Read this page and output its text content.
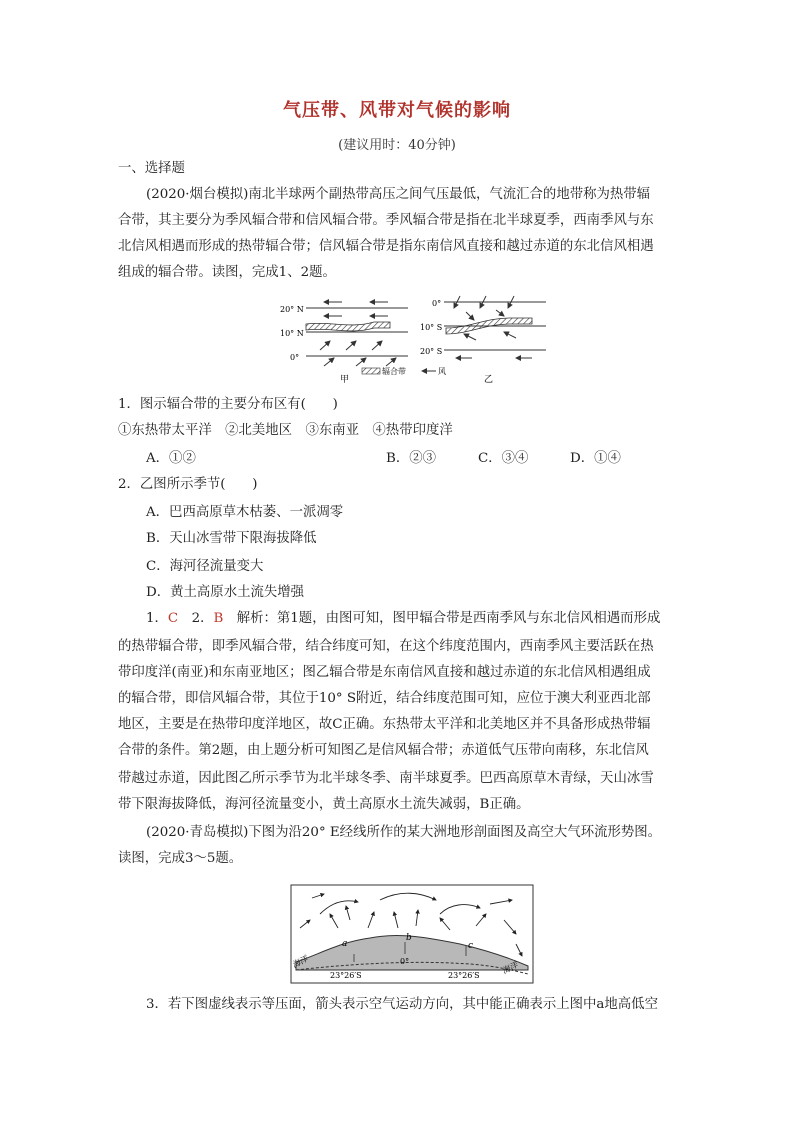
气压带、风带对气候的影响
(建议用时：40分钟)
一、选择题
(2020·烟台模拟)南北半球两个副热带高压之间气压最低，气流汇合的地带称为热带辐
合带，其主要分为季风辐合带和信风辐合带。季风辐合带是指在北半球夏季，西南季风与东
北信风相遇而形成的热带辐合带；信风辐合带是指东南信风直接和越过赤道的东北信风相遇
组成的辐合带。读图，完成1、2题。
20° N
10° N
0°
甲
辐合带	风
0°
10° S
20° S
乙
1．图示辐合带的主要分布区有(　　)
①东热带太平洋　②北美地区　③东南亚　④热带印度洋
A．①②	B．②③	C．③④	D．①④
2．乙图所示季节(　　)
A．巴西高原草木枯萎、一派凋零
B．天山冰雪带下限海拔降低
C．海河径流量变大
D．黄土高原水土流失增强
1．C　 2．B　解析：第1题，由图可知，图甲辐合带是西南季风与东北信风相遇而形成
的热带辐合带，即季风辐合带，结合纬度可知，在这个纬度范围内，西南季风主要活跃在热
带印度洋(南亚)和东南亚地区；图乙辐合带是东南信风直接和越过赤道的东北信风相遇组成
的辐合带，即信风辐合带，其位于10° S附近，结合纬度范围可知，应位于澳大利亚西北部
地区，主要是在热带印度洋地区，故C正确。东热带太平洋和北美地区并不具备形成热带辐
合带的条件。第2题，由上题分析可知图乙是信风辐合带；赤道低气压带向南移，东北信风
带越过赤道，因此图乙所示季节为北半球冬季、南半球夏季。巴西高原草木青绿，天山冰雪
带下限海拔降低，海河径流量变小，黄土高原水土流失减弱，B正确。
(2020·青岛模拟)下图为沿20° E经线所作的某大洲地形剖面图及高空大气环流形势图。
读图，完成3～5题。
a
b
c
23°26′S
0°
23°26′S
海洋	海洋
3．若下图虚线表示等压面，箭头表示空气运动方向，其中能正确表示上图中a地高低空
